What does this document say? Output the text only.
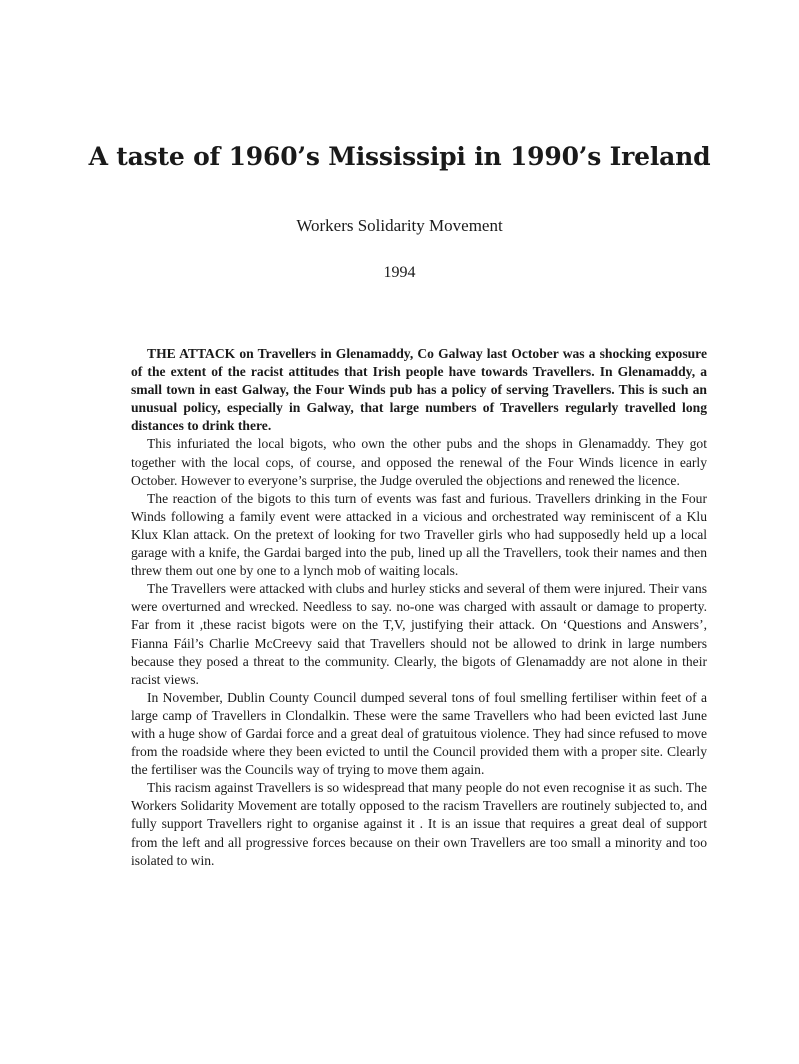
A taste of 1960’s Mississipi in 1990’s Ireland
Workers Solidarity Movement
1994

THE ATTACK on Travellers in Glenamaddy, Co Galway last October was a shocking exposure of the extent of the racist attitudes that Irish people have towards Travellers. In Glenamaddy, a small town in east Galway, the Four Winds pub has a policy of serving Travellers. This is such an unusual policy, especially in Galway, that large numbers of Travellers regularly travelled long distances to drink there.

This infuriated the local bigots, who own the other pubs and the shops in Glenamaddy. They got together with the local cops, of course, and opposed the renewal of the Four Winds licence in early October. However to everyone’s surprise, the Judge overuled the objections and renewed the licence.

The reaction of the bigots to this turn of events was fast and furious. Travellers drinking in the Four Winds following a family event were attacked in a vicious and orchestrated way reminiscent of a Klu Klux Klan attack. On the pretext of looking for two Traveller girls who had supposedly held up a local garage with a knife, the Gardai barged into the pub, lined up all the Travellers, took their names and then threw them out one by one to a lynch mob of waiting locals.

The Travellers were attacked with clubs and hurley sticks and several of them were injured. Their vans were overturned and wrecked. Needless to say. no-one was charged with assault or damage to property. Far from it ,these racist bigots were on the T,V, justifying their attack. On ‘Questions and Answers’, Fianna Fáil’s Charlie McCreevy said that Travellers should not be allowed to drink in large numbers because they posed a threat to the community. Clearly, the bigots of Glenamaddy are not alone in their racist views.

In November, Dublin County Council dumped several tons of foul smelling fertiliser within feet of a large camp of Travellers in Clondalkin. These were the same Travellers who had been evicted last June with a huge show of Gardai force and a great deal of gratuitous violence. They had since refused to move from the roadside where they been evicted to until the Council provided them with a proper site. Clearly the fertiliser was the Councils way of trying to move them again.

This racism against Travellers is so widespread that many people do not even recognise it as such. The Workers Solidarity Movement are totally opposed to the racism Travellers are routinely subjected to, and fully support Travellers right to organise against it . It is an issue that requires a great deal of support from the left and all progressive forces because on their own Travellers are too small a minority and too isolated to win.
